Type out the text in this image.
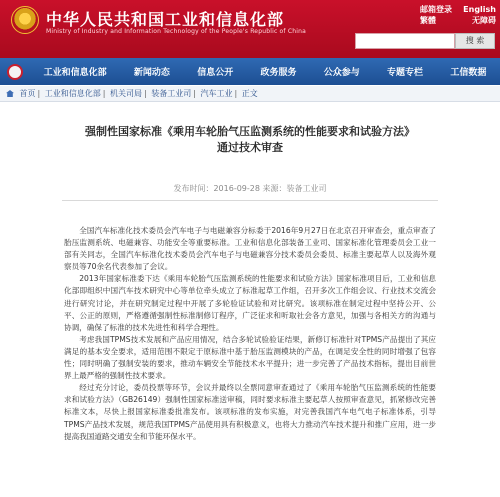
中华人民共和国工业和信息化部
Ministry of Industry and Information Technology of the People's Republic of China
邮箱登录 English
繁體	无障碍
搜 索
工业和信息化部	新闻动态	信息公开	政务服务	公众参与	专题专栏	工信数据
首页 | 工业和信息化部 | 机关司局 | 装备工业司 | 汽车工业 | 正文
强制性国家标准《乘用车轮胎气压监测系统的性能要求和试验方法》
通过技术审查
发布时间：2016-09-28 来源：装备工业司

全国汽车标准化技术委员会汽车电子与电磁兼容分标委于2016年9月27日在北京召开审查会，重点审查了胎压监测系统、电磁兼容、功能安全等重要标准。工业和信息化部装备工业司、国家标准化管理委员会工业一部有关同志，全国汽车标准化技术委员会汽车电子与电磁兼容分技术委员会委员、标准主要起草人以及海外观察员等70余名代表参加了会议。

2013年国家标准委下达《乘用车轮胎气压监测系统的性能要求和试验方法》国家标准项目后，工业和信息化部即组织中国汽车技术研究中心等单位牵头成立了标准起草工作组，召开多次工作组会议、行业技术交流会进行研究讨论，并在研究制定过程中开展了多轮验证试验和对比研究。该项标准在制定过程中坚持公开、公平、公正的原则，严格遵循强制性标准制修订程序，广泛征求和听取社会各方意见，加强与各相关方的沟通与协调，确保了标准的技术先进性和科学合理性。

考虑我国TPMS技术发展和产品应用情况，结合多轮试验验证结果，新修订标准针对TPMS产品提出了其应满足的基本安全要求，适用范围不限定于原标准中基于胎压监测模块的产品，在调足安全性的同时增强了包容性；同时明确了强制安装的要求，推动车辆安全节能技术水平提升；进一步完善了产品技术指标，提出目前世界上最严格的强制性技术要求。

经过充分讨论，委员投票等环节，会议并最终以全票同意审查通过了《乘用车轮胎气压监测系统的性能要求和试验方法》（GB26149）强制性国家标准送审稿，同时要求标准主要起草人按照审查意见，抓紧修改完善标准文本，尽快上报国家标准委批准发布。该项标准的发布实施，对完善我国汽车电气电子标准体系，引导TPMS产品技术发展，规范我国TPMS产品使用具有积极意义，也将大力推动汽车技术提升和推广应用，进一步提高我国道路交通安全和节能环保水平。
